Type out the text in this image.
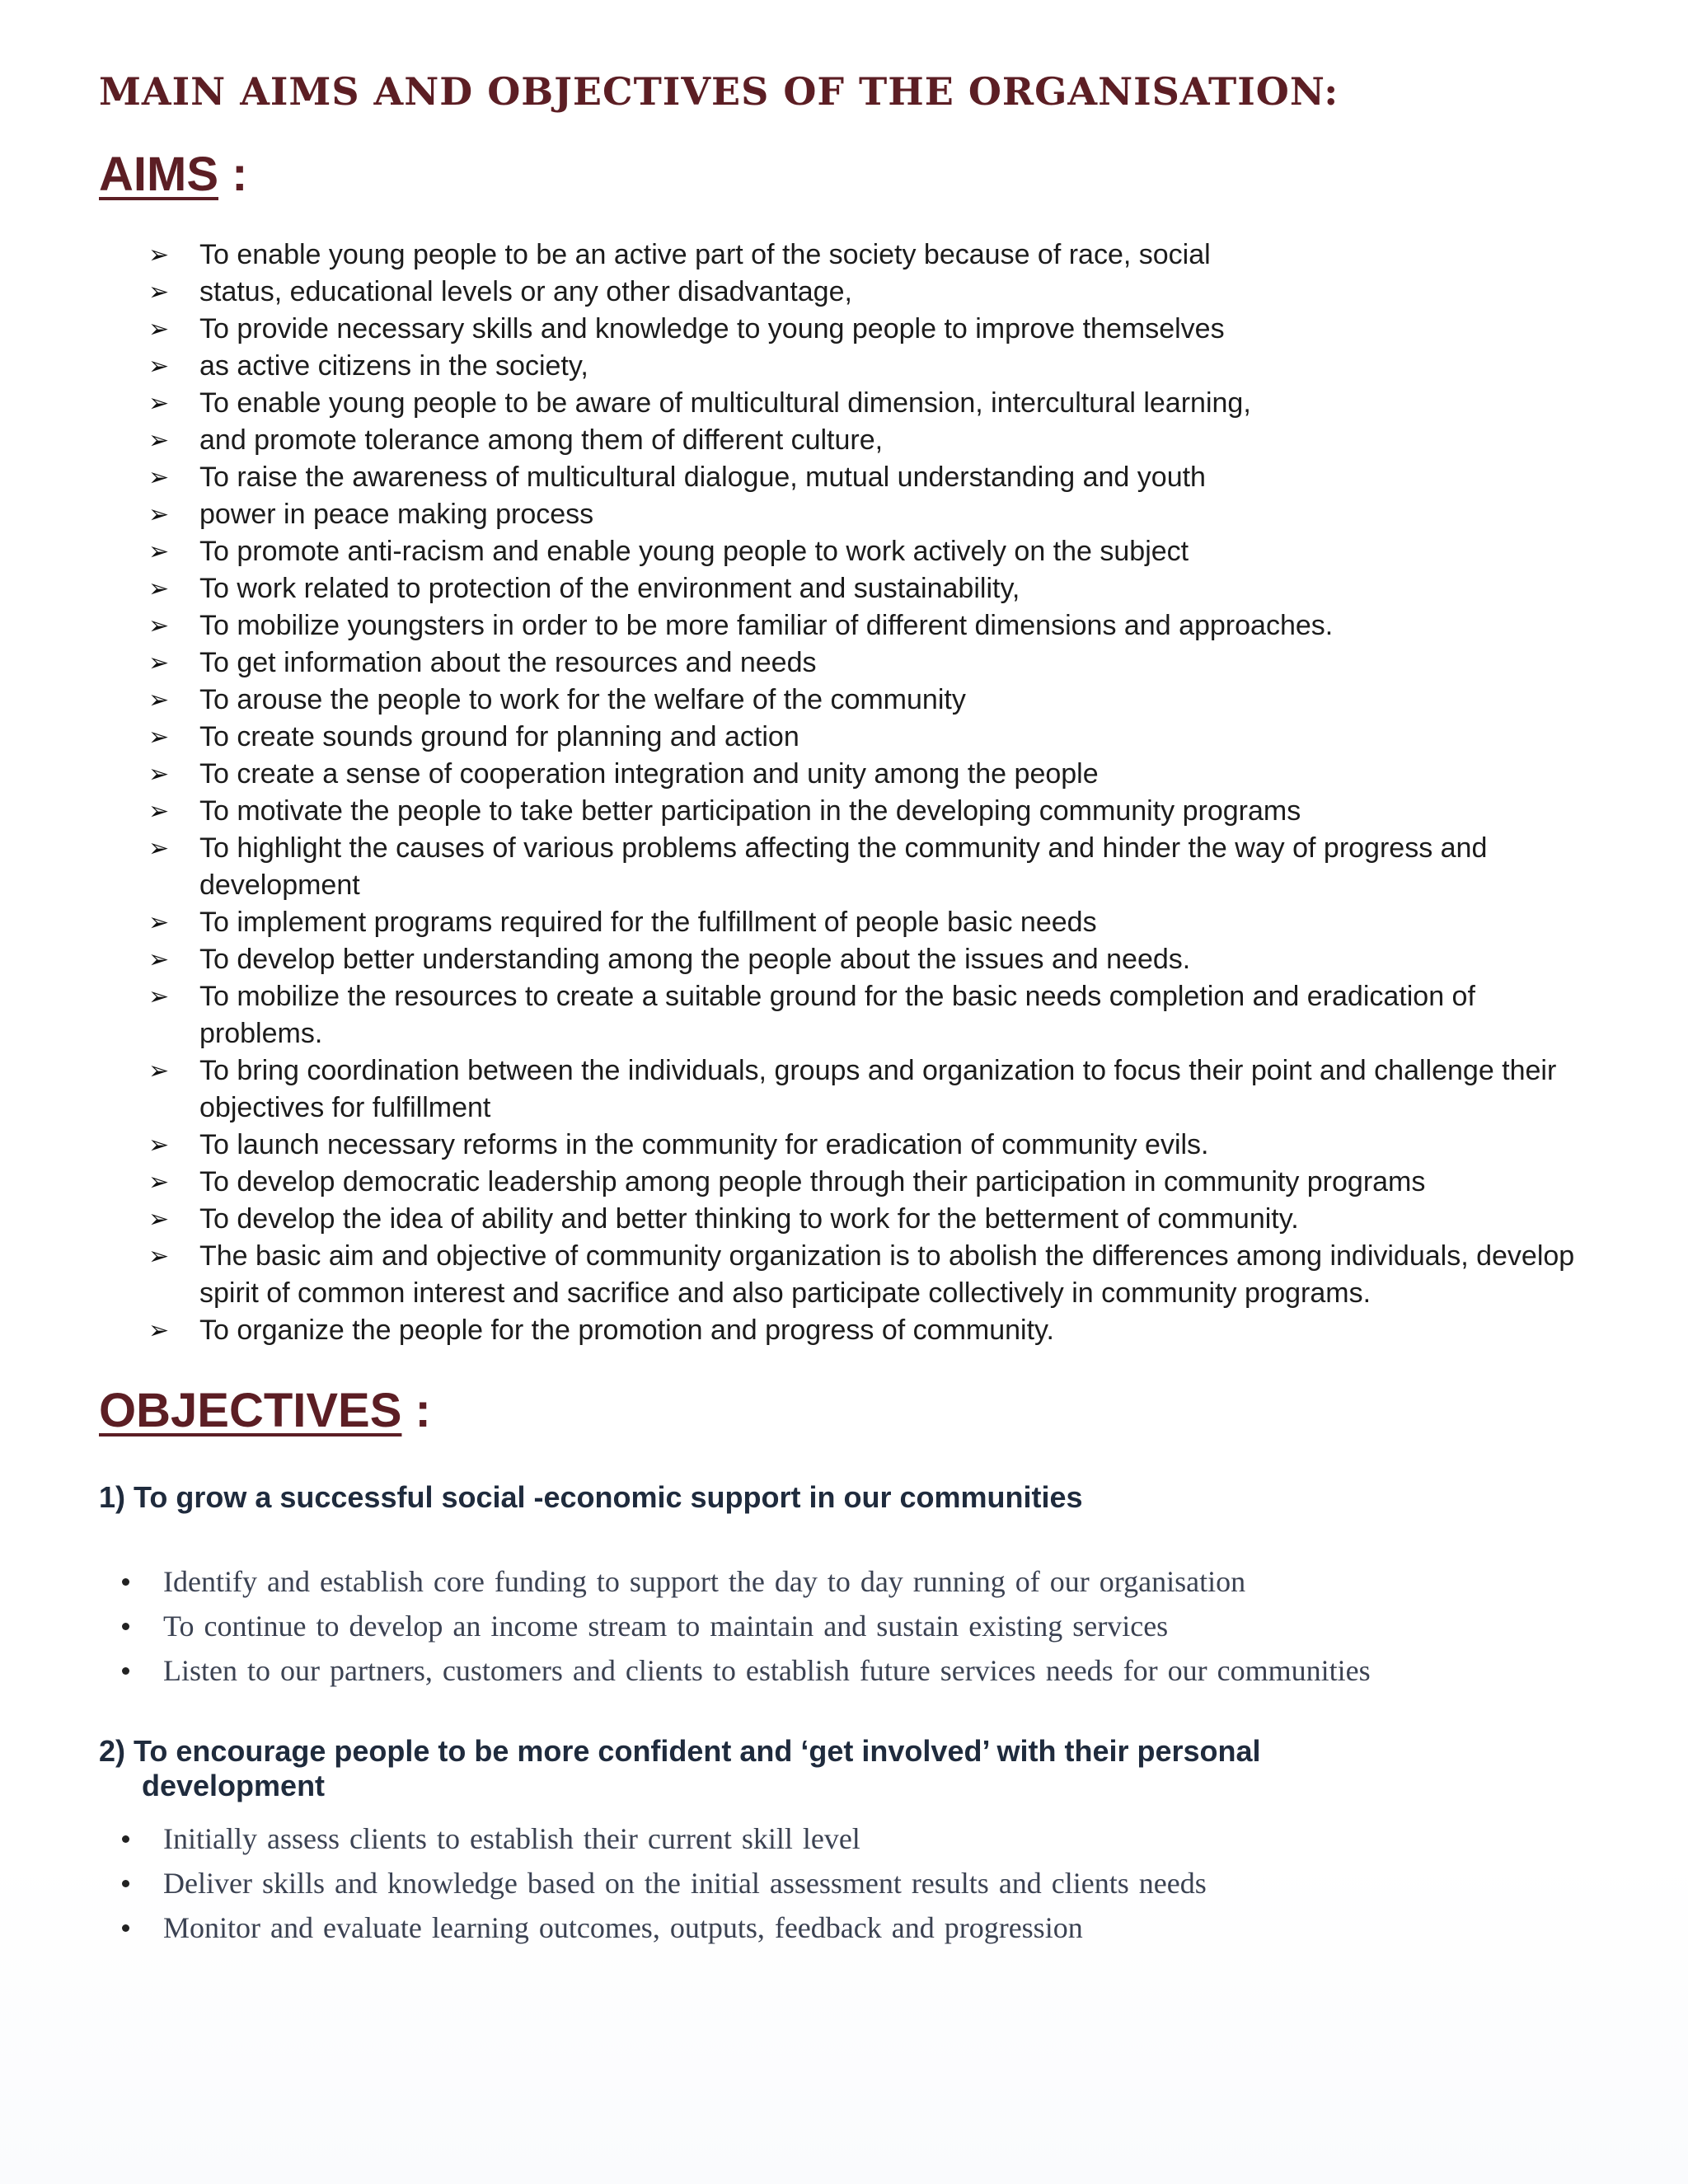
MAIN AIMS AND OBJECTIVES OF THE ORGANISATION:
AIMS :
➢ To enable young people to be an active part of the society because of race, social
➢ status, educational levels or any other disadvantage,
➢ To provide necessary skills and knowledge to young people to improve themselves
➢ as active citizens in the society,
➢ To enable young people to be aware of multicultural dimension, intercultural learning,
➢ and promote tolerance among them of different culture,
➢ To raise the awareness of multicultural dialogue, mutual understanding and youth
➢ power in peace making process
➢ To promote anti-racism and enable young people to work actively on the subject
➢ To work related to protection of the environment and sustainability,
➢ To mobilize youngsters in order to be more familiar of different dimensions and approaches.
➢ To get information about the resources and needs
➢ To arouse the people to work for the welfare of the community
➢ To create sounds ground for planning and action
➢ To create a sense of cooperation integration and unity among the people
➢ To motivate the people to take better participation in the developing community programs
➢ To highlight the causes of various problems affecting the community and hinder the way of progress and development
➢ To implement programs required for the fulfillment of people basic needs
➢ To develop better understanding among the people about the issues and needs.
➢ To mobilize the resources to create a suitable ground for the basic needs completion and eradication of problems.
➢ To bring coordination between the individuals, groups and organization to focus their point and challenge their objectives for fulfillment
➢ To launch necessary reforms in the community for eradication of community evils.
➢ To develop democratic leadership among people through their participation in community programs
➢ To develop the idea of ability and better thinking to work for the betterment of community.
➢ The basic aim and objective of community organization is to abolish the differences among individuals, develop spirit of common interest and sacrifice and also participate collectively in community programs.
➢ To organize the people for the promotion and progress of community.
OBJECTIVES :
1) To grow a successful social -economic support in our communities
Identify and establish core funding to support the day to day running of our organisation
To continue to develop an income stream to maintain and sustain existing services
Listen to our partners, customers and clients to establish future services needs for our communities
2) To encourage people to be more confident and ‘get involved’ with their personal
development
Initially assess clients to establish their current skill level
Deliver skills and knowledge based on the initial assessment results and clients needs
Monitor and evaluate learning outcomes, outputs, feedback and progression
